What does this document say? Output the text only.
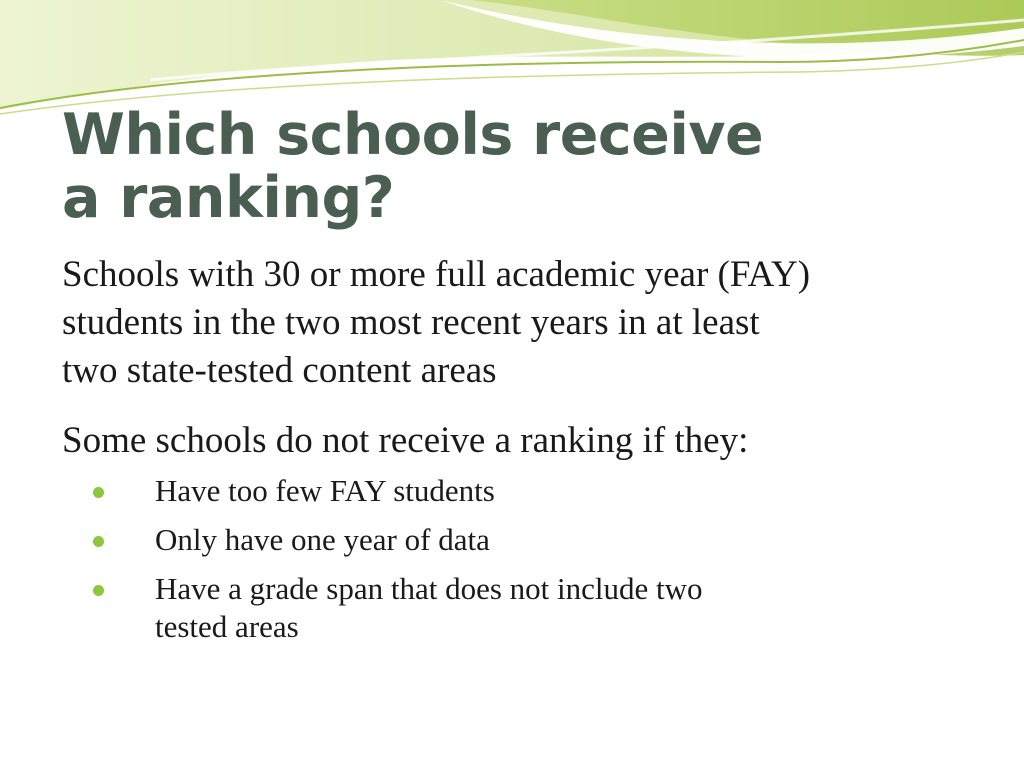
Which schools receive
a ranking?

Schools with 30 or more full academic year (FAY)
students in the two most recent years in at least
two state-tested content areas

Some schools do not receive a ranking if they:

Have too few FAY students
Only have one year of data
Have a grade span that does not include two
tested areas
